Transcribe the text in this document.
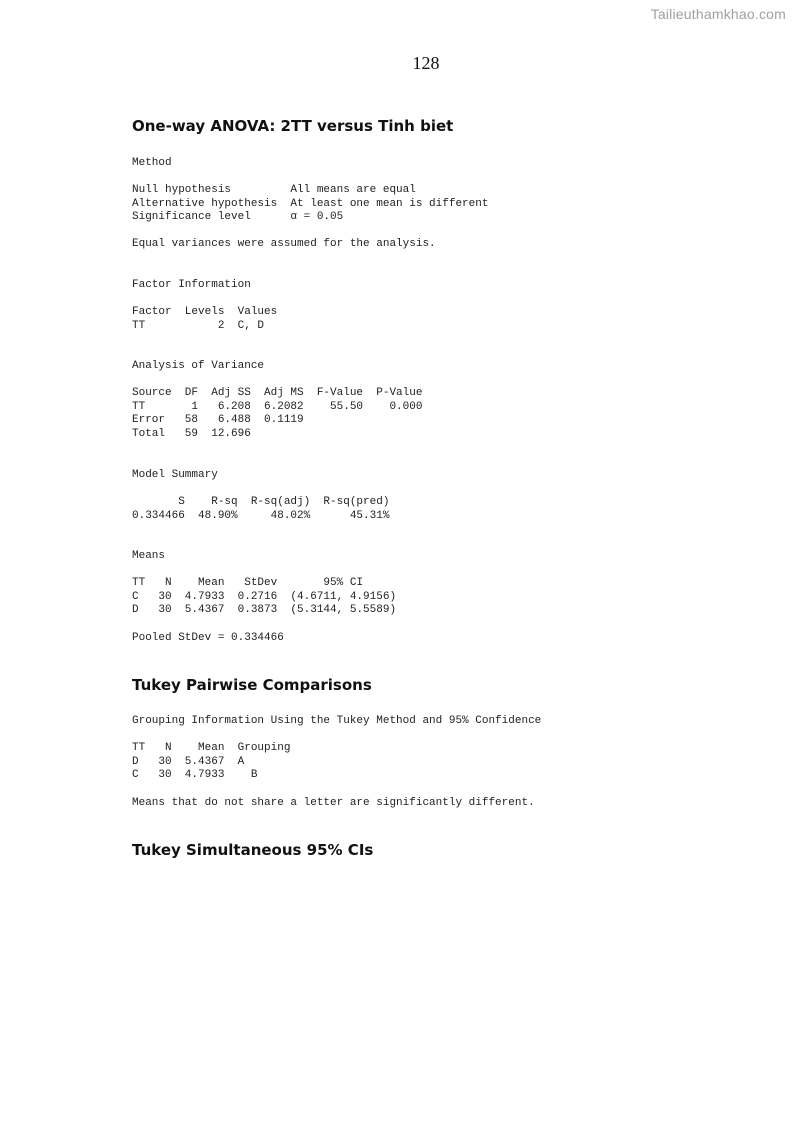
Tailieuthamkhao.com
128
One-way ANOVA: 2TT versus Tinh biet
Method
Null hypothesis         All means are equal
Alternative hypothesis  At least one mean is different
Significance level      α = 0.05
Equal variances were assumed for the analysis.
Factor Information
Factor  Levels  Values
TT           2  C, D
Analysis of Variance
Source  DF  Adj SS  Adj MS  F-Value  P-Value
TT       1   6.208  6.2082    55.50    0.000
Error   58   6.488  0.1119
Total   59  12.696
Model Summary
S    R-sq  R-sq(adj)  R-sq(pred)
0.334466  48.90%     48.02%      45.31%
Means
TT   N    Mean   StDev       95% CI
C   30  4.7933  0.2716  (4.6711, 4.9156)
D   30  5.4367  0.3873  (5.3144, 5.5589)
Pooled StDev = 0.334466
Tukey Pairwise Comparisons
Grouping Information Using the Tukey Method and 95% Confidence
TT   N    Mean  Grouping
D   30  5.4367  A
C   30  4.7933    B
Means that do not share a letter are significantly different.
Tukey Simultaneous 95% CIs
